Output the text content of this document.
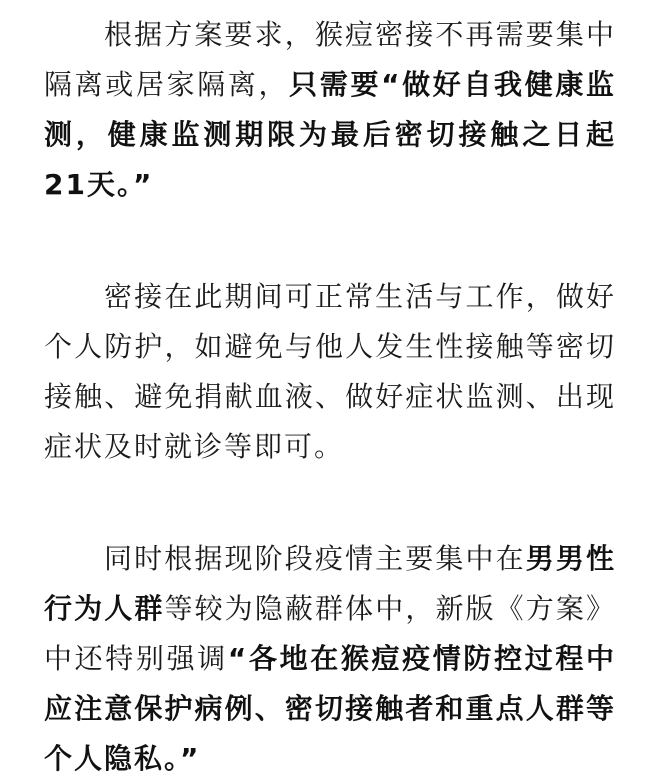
根据方案要求，猴痘密接不再需要集中隔离或居家隔离，只需要“做好自我健康监测，健康监测期限为最后密切接触之日起21天。”

密接在此期间可正常生活与工作，做好个人防护，如避免与他人发生性接触等密切接触、避免捐献血液、做好症状监测、出现症状及时就诊等即可。

同时根据现阶段疫情主要集中在男男性行为人群等较为隐蔽群体中，新版《方案》中还特别强调“各地在猴痘疫情防控过程中应注意保护病例、密切接触者和重点人群等个人隐私。”
